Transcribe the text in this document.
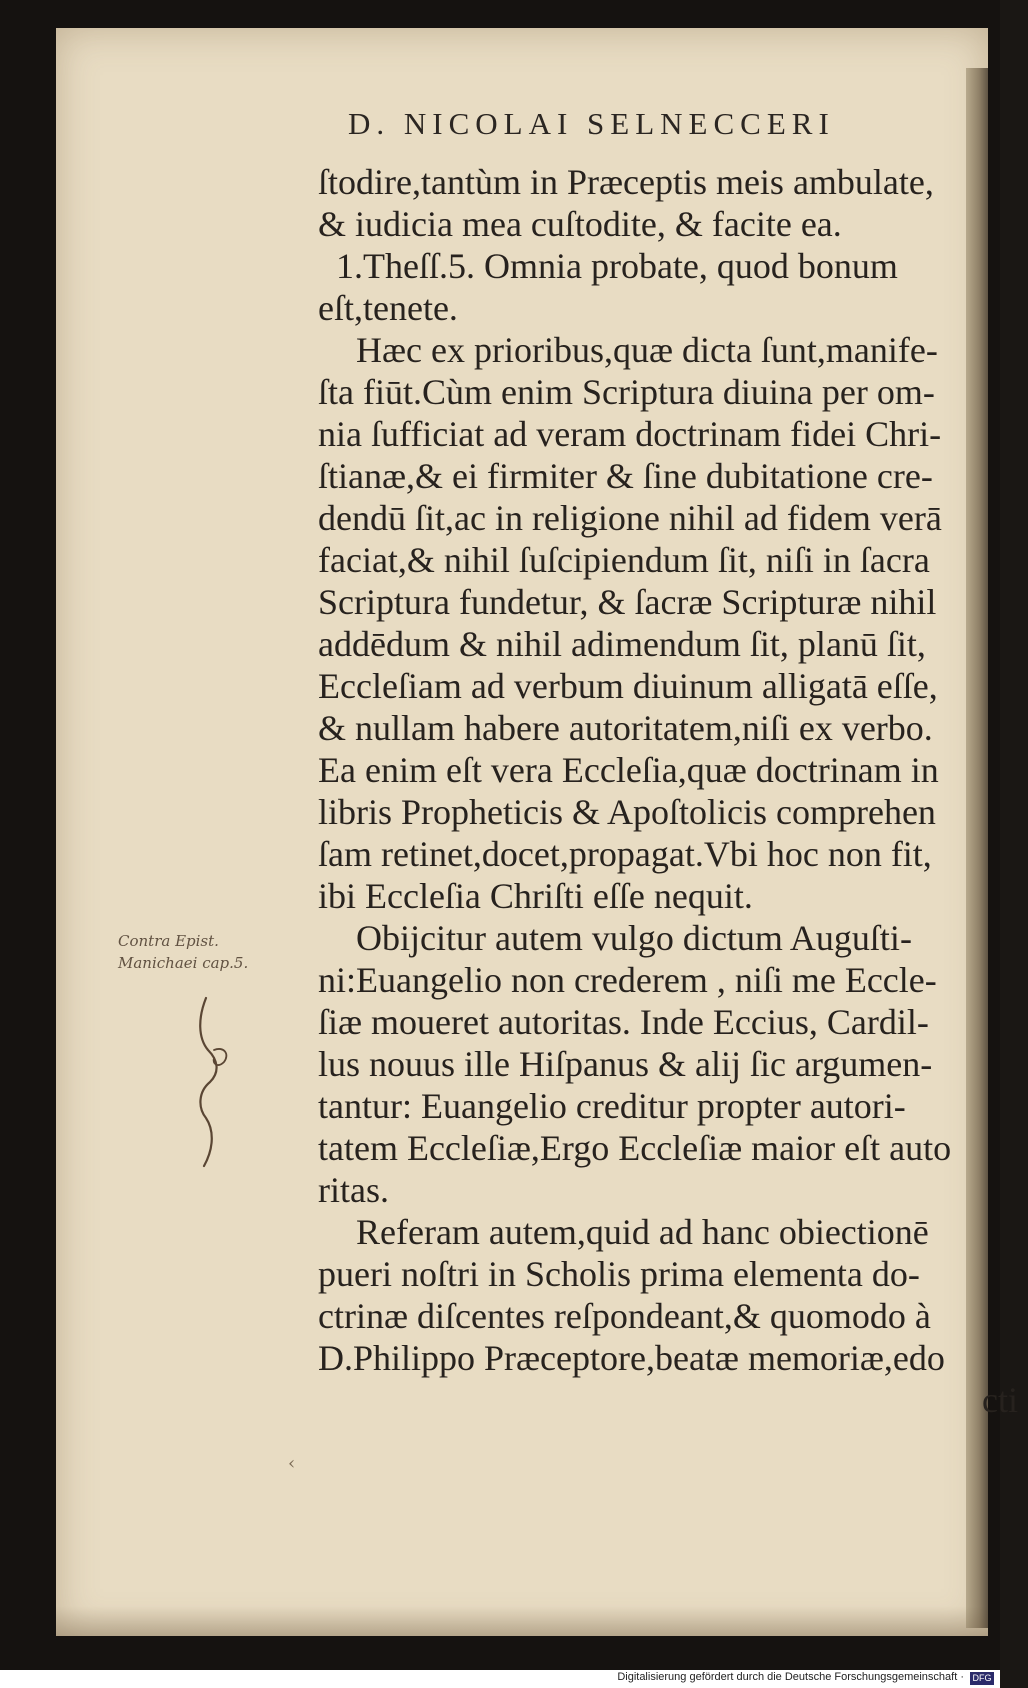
D. NICOLAI SELNECCERI
ſtodire,tantùm in Præceptis meis ambulate,
& iudicia mea cuſtodite, & facite ea.
1.Theſſ.5. Omnia probate, quod bonum
eſt,tenete.
Hæc ex prioribus,quæ dicta ſunt,manife-
ſta fiūt.Cùm enim Scriptura diuina per om-
nia ſufficiat ad veram doctrinam fidei Chri-
ſtianæ,& ei firmiter & ſine dubitatione cre-
dendū ſit,ac in religione nihil ad fidem verā
faciat,& nihil ſuſcipiendum ſit, niſi in ſacra
Scriptura fundetur, & ſacræ Scripturæ nihil
addēdum & nihil adimendum ſit, planū ſit,
Eccleſiam ad verbum diuinum alligatā eſſe,
& nullam habere autoritatem,niſi ex verbo.
Ea enim eſt vera Eccleſia,quæ doctrinam in
libris Propheticis & Apoſtolicis comprehen
ſam retinet,docet,propagat.Vbi hoc non fit,
ibi Eccleſia Chriſti eſſe nequit.
Obijcitur autem vulgo dictum Auguſti-
ni:Euangelio non crederem , niſi me Eccle-
ſiæ moueret autoritas. Inde Eccius, Cardil-
lus nouus ille Hiſpanus & alij ſic argumen-
tantur: Euangelio creditur propter autori-
tatem Eccleſiæ,Ergo Eccleſiæ maior eſt auto
ritas.
Referam autem,quid ad hanc obiectionē
pueri noſtri in Scholis prima elementa do-
ctrinæ diſcentes reſpondeant,& quomodo à
D.Philippo Præceptore,beatæ memoriæ,edo
cti
Contra Epist.
Manichaei cap.5.
‹
Digitalisierung gefördert durch die Deutsche Forschungsgemeinschaft · DFG
